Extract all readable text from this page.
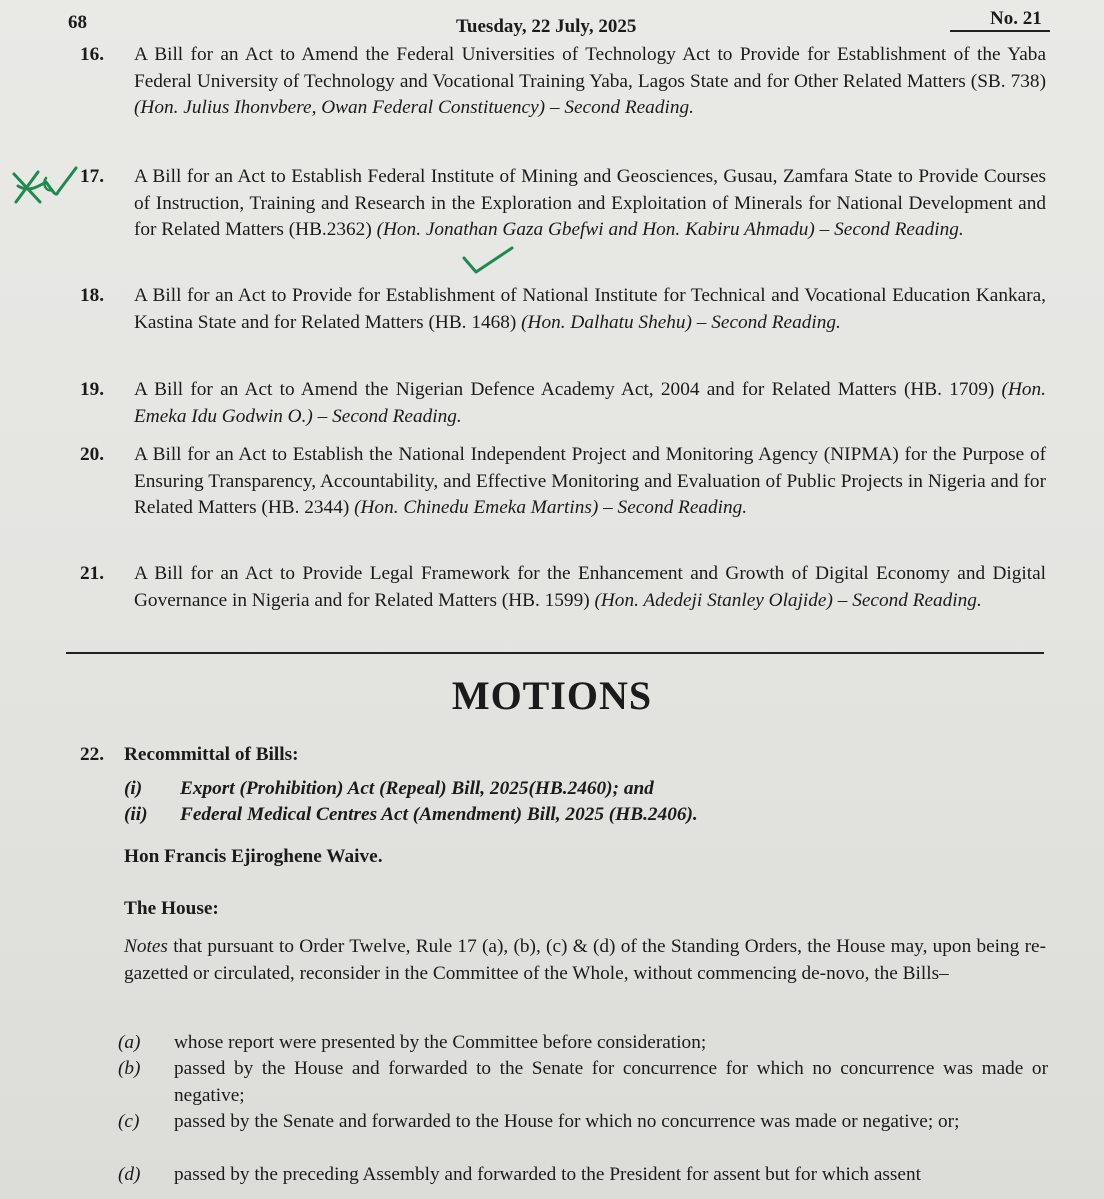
68	Tuesday, 22 July, 2025	No. 21
16. A Bill for an Act to Amend the Federal Universities of Technology Act to Provide for Establishment of the Yaba Federal University of Technology and Vocational Training Yaba, Lagos State and for Other Related Matters (SB. 738) (Hon. Julius Ihonvbere, Owan Federal Constituency) – Second Reading.
17. A Bill for an Act to Establish Federal Institute of Mining and Geosciences, Gusau, Zamfara State to Provide Courses of Instruction, Training and Research in the Exploration and Exploitation of Minerals for National Development and for Related Matters (HB.2362) (Hon. Jonathan Gaza Gbefwi and Hon. Kabiru Ahmadu) – Second Reading.
18. A Bill for an Act to Provide for Establishment of National Institute for Technical and Vocational Education Kankara, Kastina State and for Related Matters (HB. 1468) (Hon. Dalhatu Shehu) – Second Reading.
19. A Bill for an Act to Amend the Nigerian Defence Academy Act, 2004 and for Related Matters (HB. 1709) (Hon. Emeka Idu Godwin O.) – Second Reading.
20. A Bill for an Act to Establish the National Independent Project and Monitoring Agency (NIPMA) for the Purpose of Ensuring Transparency, Accountability, and Effective Monitoring and Evaluation of Public Projects in Nigeria and for Related Matters (HB. 2344) (Hon. Chinedu Emeka Martins) – Second Reading.
21. A Bill for an Act to Provide Legal Framework for the Enhancement and Growth of Digital Economy and Digital Governance in Nigeria and for Related Matters (HB. 1599) (Hon. Adedeji Stanley Olajide) – Second Reading.
MOTIONS
22. Recommittal of Bills:
(i) Export (Prohibition) Act (Repeal) Bill, 2025(HB.2460); and
(ii) Federal Medical Centres Act (Amendment) Bill, 2025 (HB.2406).
Hon Francis Ejiroghene Waive.
The House:
Notes that pursuant to Order Twelve, Rule 17 (a), (b), (c) & (d) of the Standing Orders, the House may, upon being re-gazetted or circulated, reconsider in the Committee of the Whole, without commencing de-novo, the Bills–
(a) whose report were presented by the Committee before consideration;
(b) passed by the House and forwarded to the Senate for concurrence for which no concurrence was made or negative;
(c) passed by the Senate and forwarded to the House for which no concurrence was made or negative; or;
(d) passed by the preceding Assembly and forwarded to the President for assent but for which assent
